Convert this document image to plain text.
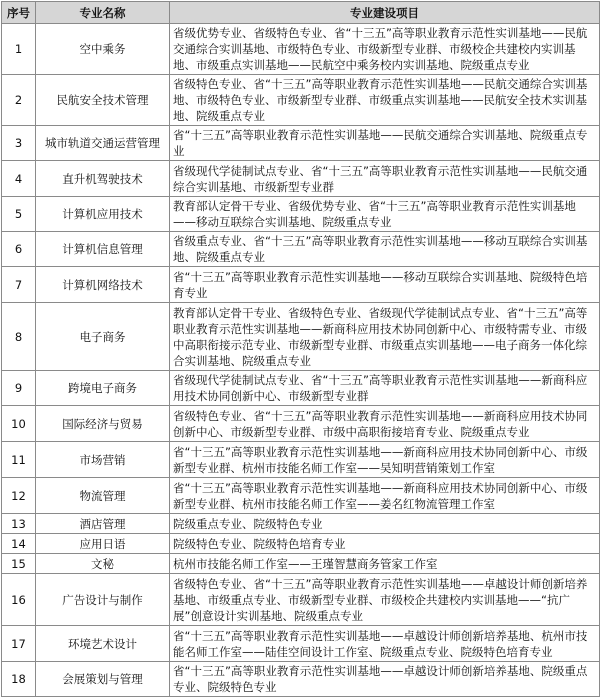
序号	专业名称	专业建设项目
1	空中乘务	省级优势专业、省级特色专业、省“十三五”高等职业教育示范性实训基地——民航交通综合实训基地、市级特色专业、市级新型专业群、市级校企共建校内实训基地、市级重点实训基地——民航空中乘务校内实训基地、院级重点专业
2	民航安全技术管理	省级特色专业、省“十三五”高等职业教育示范性实训基地——民航交通综合实训基地、市级特色专业、市级新型专业群、市级重点实训基地——民航安全技术实训基地、院级重点专业
3	城市轨道交通运营管理	省“十三五”高等职业教育示范性实训基地——民航交通综合实训基地、院级重点专业
4	直升机驾驶技术	省级现代学徒制试点专业、省“十三五”高等职业教育示范性实训基地——民航交通综合实训基地、市级新型专业群
5	计算机应用技术	教育部认定骨干专业、省级优势专业、省“十三五”高等职业教育示范性实训基地——移动互联综合实训基地、院级重点专业
6	计算机信息管理	省级重点专业、省“十三五”高等职业教育示范性实训基地——移动互联综合实训基地、院级重点专业
7	计算机网络技术	省“十三五”高等职业教育示范性实训基地——移动互联综合实训基地、院级特色培育专业
8	电子商务	教育部认定骨干专业、省级特色专业、省级现代学徒制试点专业、省“十三五”高等职业教育示范性实训基地——新商科应用技术协同创新中心、市级特需专业、市级中高职衔接示范专业、市级新型专业群、市级重点实训基地——电子商务一体化综合实训基地、院级重点专业
9	跨境电子商务	省级现代学徒制试点专业、省“十三五”高等职业教育示范性实训基地——新商科应用技术协同创新中心、市级新型专业群
10	国际经济与贸易	省级特色专业、省“十三五”高等职业教育示范性实训基地——新商科应用技术协同创新中心、市级新型专业群、市级中高职衔接培育专业、院级重点专业
11	市场营销	省“十三五”高等职业教育示范性实训基地——新商科应用技术协同创新中心、市级新型专业群、杭州市技能名师工作室——吴知明营销策划工作室
12	物流管理	省“十三五”高等职业教育示范性实训基地——新商科应用技术协同创新中心、市级新型专业群、杭州市技能名师工作室——姜名红物流管理工作室
13	酒店管理	院级重点专业、院级特色专业
14	应用日语	院级特色专业、院级特色培育专业
15	文秘	杭州市技能名师工作室——王瑾智慧商务管家工作室
16	广告设计与制作	省级特色专业、省“十三五”高等职业教育示范性实训基地——卓越设计师创新培养基地、市级重点专业、市级新型专业群、市级校企共建校内实训基地——“抗广展”创意设计实训基地、院级重点专业
17	环境艺术设计	省“十三五”高等职业教育示范性实训基地——卓越设计师创新培养基地、杭州市技能名师工作室——陆佳空间设计工作室、院级重点专业、院级特色培育专业
18	会展策划与管理	省“十三五”高等职业教育示范性实训基地——卓越设计师创新培养基地、院级重点专业、院级特色专业
